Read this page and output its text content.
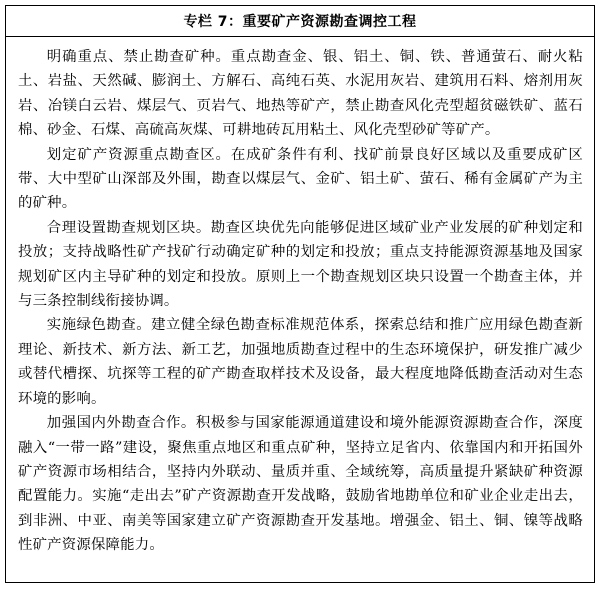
专栏 7：重要矿产资源勘查调控工程

明确重点、禁止勘查矿种。重点勘查金、银、铝土、铜、铁、普通萤石、耐火粘土、岩盐、天然碱、膨润土、方解石、高纯石英、水泥用灰岩、建筑用石料、熔剂用灰岩、冶镁白云岩、煤层气、页岩气、地热等矿产，禁止勘查风化壳型超贫磁铁矿、蓝石棉、砂金、石煤、高硫高灰煤、可耕地砖瓦用粘土、风化壳型砂矿等矿产。

划定矿产资源重点勘查区。在成矿条件有利、找矿前景良好区域以及重要成矿区带、大中型矿山深部及外围，勘查以煤层气、金矿、铝土矿、萤石、稀有金属矿产为主的矿种。

合理设置勘查规划区块。勘查区块优先向能够促进区域矿业产业发展的矿种划定和投放；支持战略性矿产找矿行动确定矿种的划定和投放；重点支持能源资源基地及国家规划矿区内主导矿种的划定和投放。原则上一个勘查规划区块只设置一个勘查主体，并与三条控制线衔接协调。

实施绿色勘查。建立健全绿色勘查标准规范体系，探索总结和推广应用绿色勘查新理论、新技术、新方法、新工艺，加强地质勘查过程中的生态环境保护，研发推广减少或替代槽探、坑探等工程的矿产勘查取样技术及设备，最大程度地降低勘查活动对生态环境的影响。

加强国内外勘查合作。积极参与国家能源通道建设和境外能源资源勘查合作，深度融入“一带一路”建设，聚焦重点地区和重点矿种，坚持立足省内、依靠国内和开拓国外矿产资源市场相结合，坚持内外联动、量质并重、全域统筹，高质量提升紧缺矿种资源配置能力。实施“走出去”矿产资源勘查开发战略，鼓励省地勘单位和矿业企业走出去，到非洲、中亚、南美等国家建立矿产资源勘查开发基地。增强金、铝土、铜、镍等战略性矿产资源保障能力。
